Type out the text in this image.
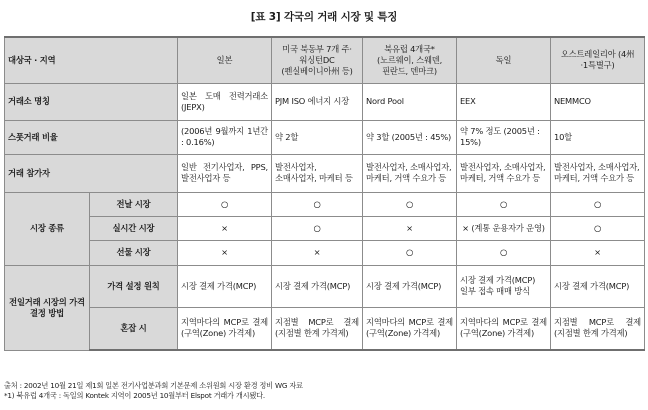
[표 3] 각국의 거래 시장 및 특징
대상국 · 지역		일본	미국 북동부 7개 주·워싱턴DC (펜실베이니아州 등)	북유럽 4개국* (노르웨이, 스웨덴, 핀란드, 덴마크)	독일	오스트레일리아 (4州·1특별구)
거래소 명칭		일본 도매 전력거래소(JEPX)	PJM ISO 에너지 시장	Nord Pool	EEX	NEMMCO
스폿거래 비율		(2006년 9월까지 1년간 : 0.16%)	약 2할	약 3할 (2005년 : 45%)	약 7% 정도 (2005년 : 15%)	10할
거래 참가자		일반 전기사업자, PPS, 발전사업자 등	발전사업자, 소매사업자, 마케터 등	발전사업자, 소매사업자, 마케터, 거액 수요가 등	발전사업자, 소매사업자, 마케터, 거액 수요가 등	발전사업자, 소매사업자, 마케터, 거액 수요가 등
시장 종류	전날 시장	○	○	○	○	○
	실시간 시장	×	○	×	× (계통 운용자가 운영)	○
	선물 시장	×	×	○	○	×
전일거래 시장의 가격 결정 방법	가격 설정 원칙	시장 결제 가격(MCP)	시장 결제 가격(MCP)	시장 결제 가격(MCP)	시장 결제 가격(MCP) 일부 접속 매매 방식	시장 결제 가격(MCP)
	혼잡 시	지역마다의 MCP로 결제(구역(Zone) 가격제)	지점별 MCP로 결제 (지점별 한계 가격제)	지역마다의 MCP로 결제(구역(Zone) 가격제)	지역마다의 MCP로 결제(구역(Zone) 가격제)	지점별 MCP로 결제 (지점별 한계 가격제)
출처 : 2002년 10월 21일 제1회 일본 전기사업분과회 기본문제 소위원회 시장 환경 정비 WG 자료
*1) 북유럽 4개국 : 독일의 Kontek 지역이 2005년 10월부터 Elspot 거래가 개시됐다.
